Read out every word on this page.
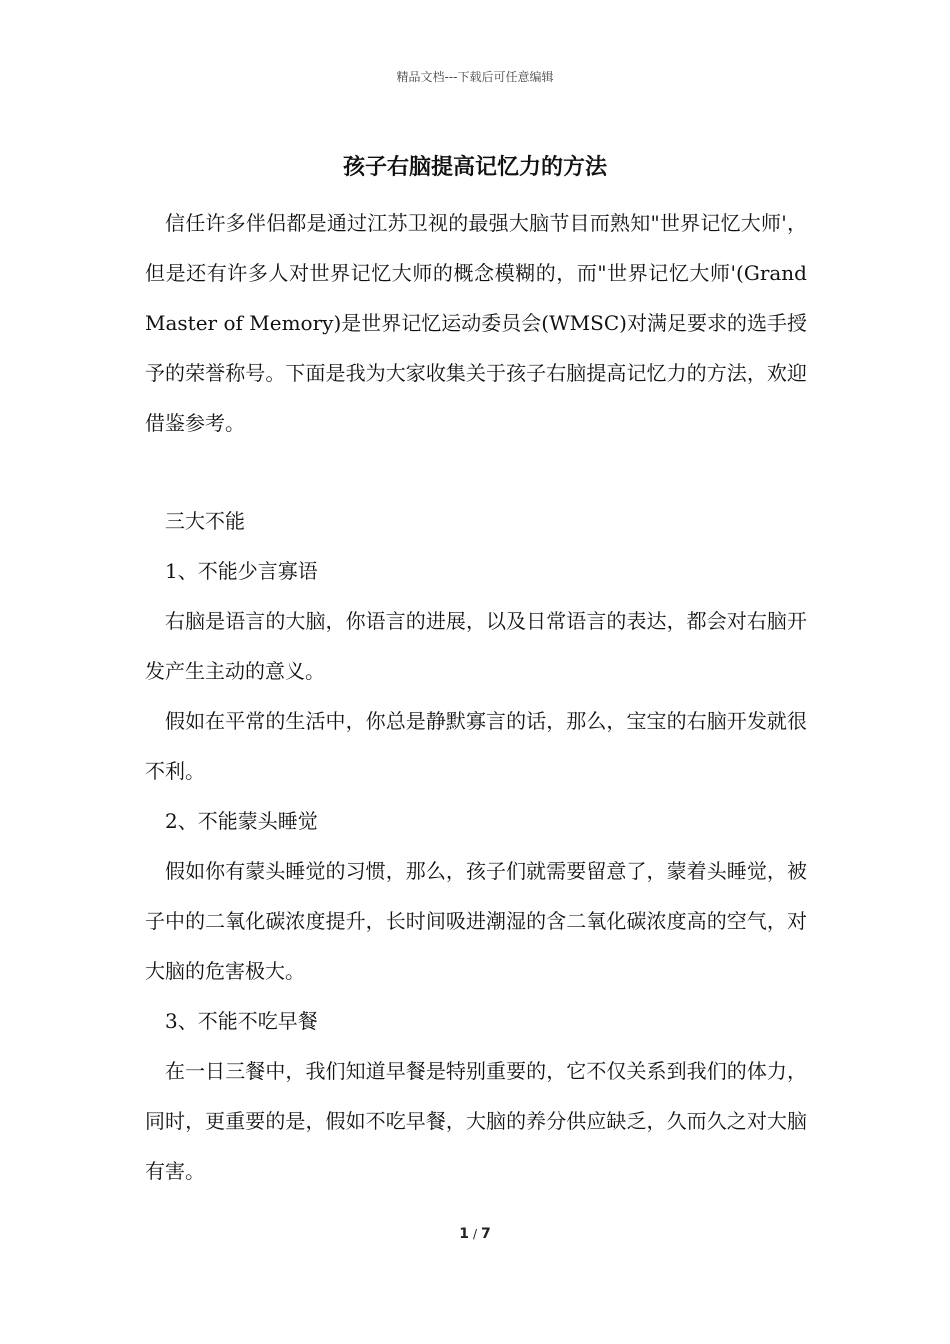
精品文档---下载后可任意编辑
孩子右脑提高记忆力的方法

信任许多伴侣都是通过江苏卫视的最强大脑节目而熟知"世界记忆大师'，但是还有许多人对世界记忆大师的概念模糊的，而"世界记忆大师'(Grand Master of Memory)是世界记忆运动委员会(WMSC)对满足要求的选手授予的荣誉称号。下面是我为大家收集关于孩子右脑提高记忆力的方法，欢迎借鉴参考。

三大不能

1、不能少言寡语

右脑是语言的大脑，你语言的进展，以及日常语言的表达，都会对右脑开发产生主动的意义。

假如在平常的生活中，你总是静默寡言的话，那么，宝宝的右脑开发就很不利。

2、不能蒙头睡觉

假如你有蒙头睡觉的习惯，那么，孩子们就需要留意了，蒙着头睡觉，被子中的二氧化碳浓度提升，长时间吸进潮湿的含二氧化碳浓度高的空气，对大脑的危害极大。

3、不能不吃早餐

在一日三餐中，我们知道早餐是特别重要的，它不仅关系到我们的体力，同时，更重要的是，假如不吃早餐，大脑的养分供应缺乏，久而久之对大脑有害。

1 / 7
